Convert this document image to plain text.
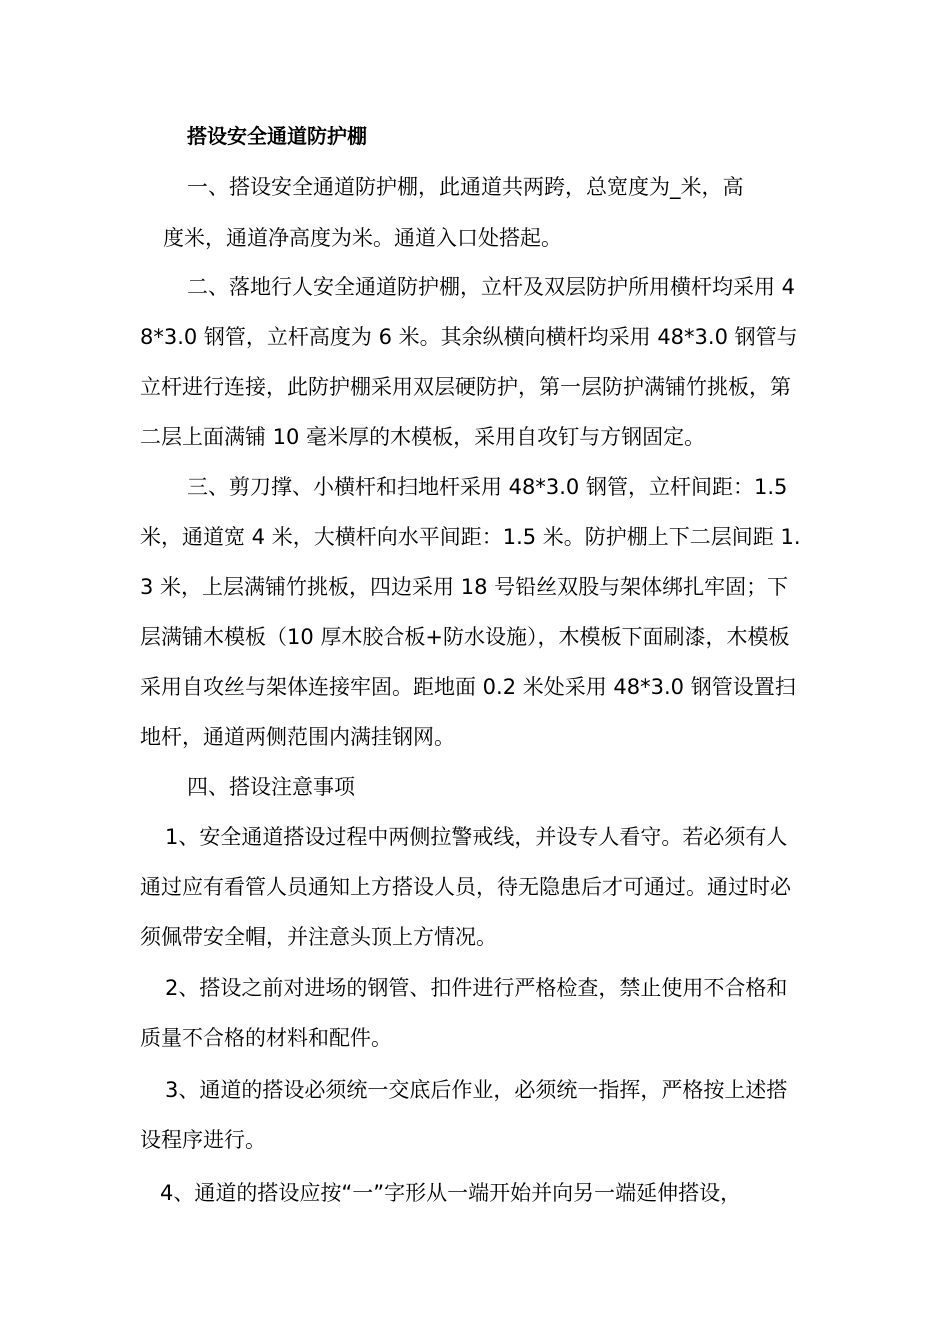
搭设安全通道防护棚

一、搭设安全通道防护棚，此通道共两跨，总宽度为_米，高

度米，通道净高度为米。通道入口处搭起。

二、落地行人安全通道防护棚，立杆及双层防护所用横杆均采用 4

8*3.0 钢管，立杆高度为 6 米。其余纵横向横杆均采用 48*3.0 钢管与

立杆进行连接，此防护棚采用双层硬防护，第一层防护满铺竹挑板，第

二层上面满铺 10 毫米厚的木模板，采用自攻钉与方钢固定。

三、剪刀撑、小横杆和扫地杆采用 48*3.0 钢管，立杆间距：1.5

米，通道宽 4 米，大横杆向水平间距：1.5 米。防护棚上下二层间距 1.

3 米，上层满铺竹挑板，四边采用 18 号铅丝双股与架体绑扎牢固；下

层满铺木模板（10 厚木胶合板+防水设施），木模板下面刷漆，木模板

采用自攻丝与架体连接牢固。距地面 0.2 米处采用 48*3.0 钢管设置扫

地杆，通道两侧范围内满挂钢网。

四、搭设注意事项

1、安全通道搭设过程中两侧拉警戒线，并设专人看守。若必须有人

通过应有看管人员通知上方搭设人员，待无隐患后才可通过。通过时必

须佩带安全帽，并注意头顶上方情况。

2、搭设之前对进场的钢管、扣件进行严格检查，禁止使用不合格和

质量不合格的材料和配件。

3、通道的搭设必须统一交底后作业，必须统一指挥，严格按上述搭

设程序进行。

4、通道的搭设应按“一”字形从一端开始并向另一端延伸搭设，
